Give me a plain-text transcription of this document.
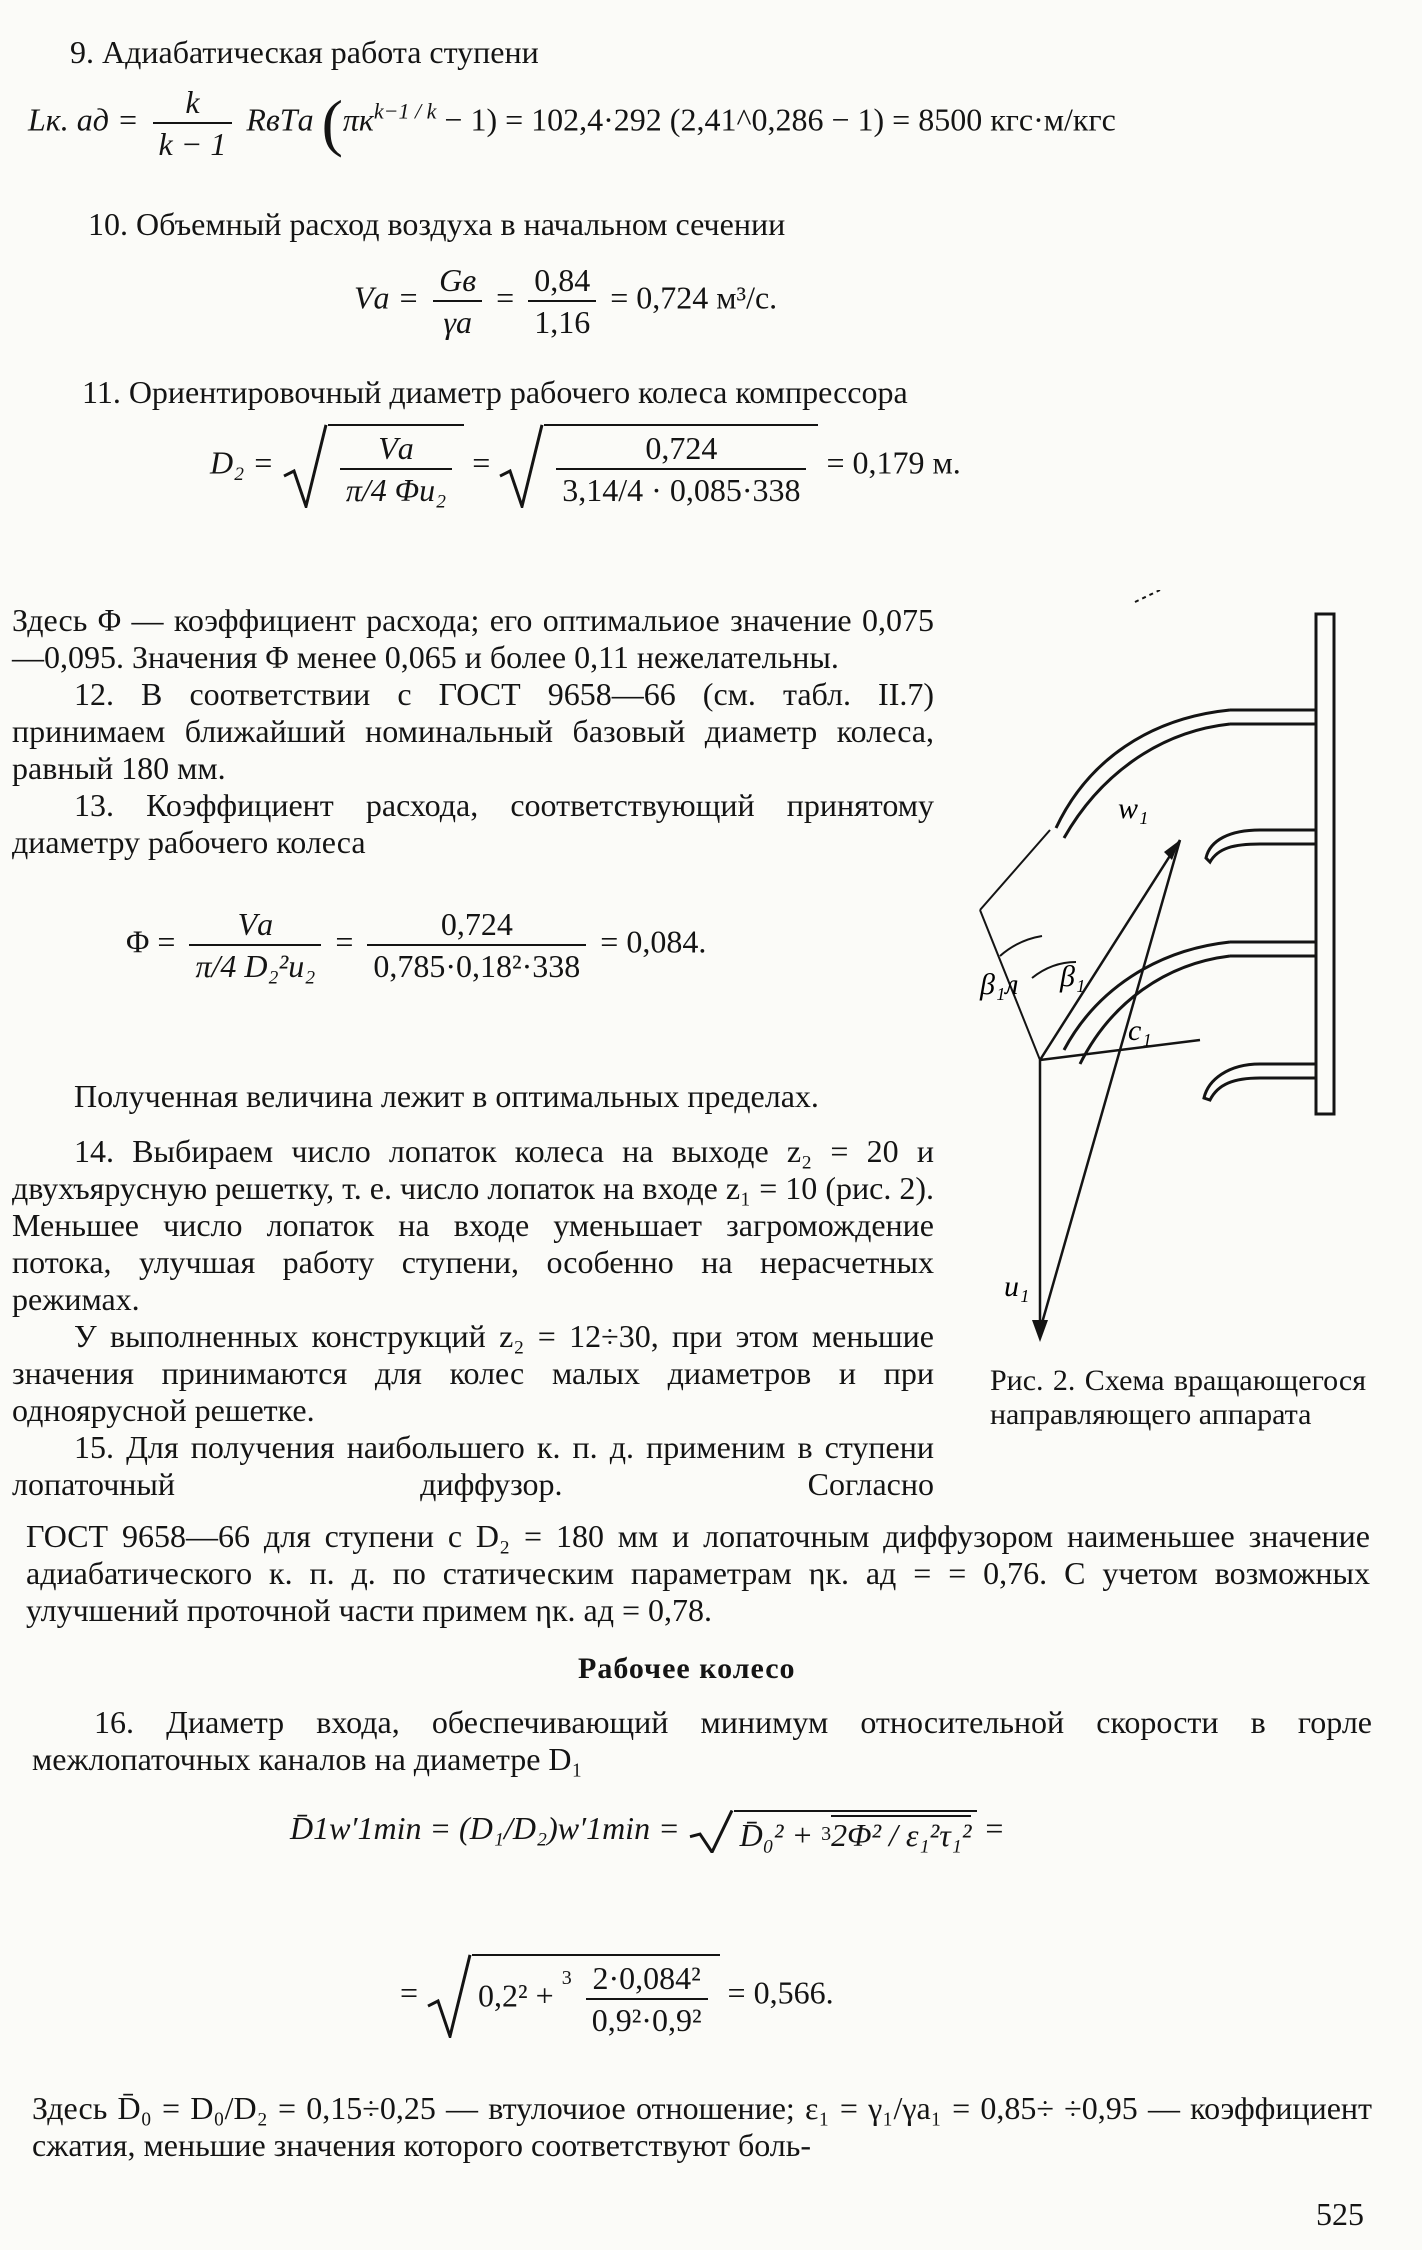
9. Адиабатическая работа ступени
Lк. ад = $\frac{k}{k - 1}$ RвTа $(\pi к^{k-1 / k} - 1) = 102,4\cdot 292$ (2,41^0,286 − 1) = 8500 кгс·м/кгс
10. Объемный расход воздуха в начальном сечении
Vа = $\frac{Gв}{\gamma а} = \frac{0,84}{1,16} = 0,724$ м³/с.
11. Ориентировочный диаметр рабочего колеса компрессора
$D_2 = \frac{Vа}{\text{π/4 Φu₂}} = \frac{0,724}{3,14/4 \cdot 0,085\cdot 338} = 0,179$ м.

Здесь Φ — коэффициент расхода; его оптимальиое значение 0,075—0,095. Значения Φ менее 0,065 и более 0,11 нежелательны.

12. В соответствии с ГОСТ 9658—66 (см. табл. II.7) принимаем ближайший номинальный базовый диаметр колеса, равный 180 мм.

13. Коэффициент расхода, соответствующий принятому диаметру рабочего колеса

$\Phi = \frac{Vа}{\text{π/4 D₂²u₂}} = \frac{0,724}{\text{0,785·0,18²·338}} = 0,084$.

Полученная величина лежит в оптимальных пределах.

14. Выбираем число лопаток колеса на выходе z₂ = 20 и двухъярусную решетку, т. е. число лопаток на входе z₁ = 10 (рис. 2). Меньшее число лопаток на входе уменьшает загромождение потока, улучшая работу ступени, особенно на нерасчетных режимах.

У выполненных конструкций z₂ = 12÷30, при этом меньшие значения принимаются для колес малых диаметров и при одноярусной решетке.

15. Для получения наибольшего к. п. д. применим в ступени лопаточный диффузор. Согласно

w₁
β₁
β₁л
c₁
u₁

Рис. 2. Схема вращающегося направляющего аппарата

ГОСТ 9658—66 для ступени с D₂ = 180 мм и лопаточным диффузором наименьшее значение адиабатического к. п. д. по статическим параметрам ηк. ад = = 0,76. С учетом возможных улучшений проточной части примем ηк. ад = 0,78.

Рабочее колесо

16. Диаметр входа, обеспечивающий минимум относительной скорости в горле межлопаточных каналов на диаметре D₁

D̄1w′1min = (D₁/D₂)w′1min = D̄₀² + $^3$2Φ² / ε₁²τ₁² =
= $0,2^2 + ^3 \frac{\text{2·0,084²}}{\text{0,9²·0,9²}} = 0,566$.

Здесь D̄₀ = D₀/D₂ = 0,15÷0,25 — втулочиое отношение; ε₁ = γ₁/γа₁ = 0,85÷ ÷0,95 — коэффициент сжатия, меньшие значения которого соответствуют боль-

525
